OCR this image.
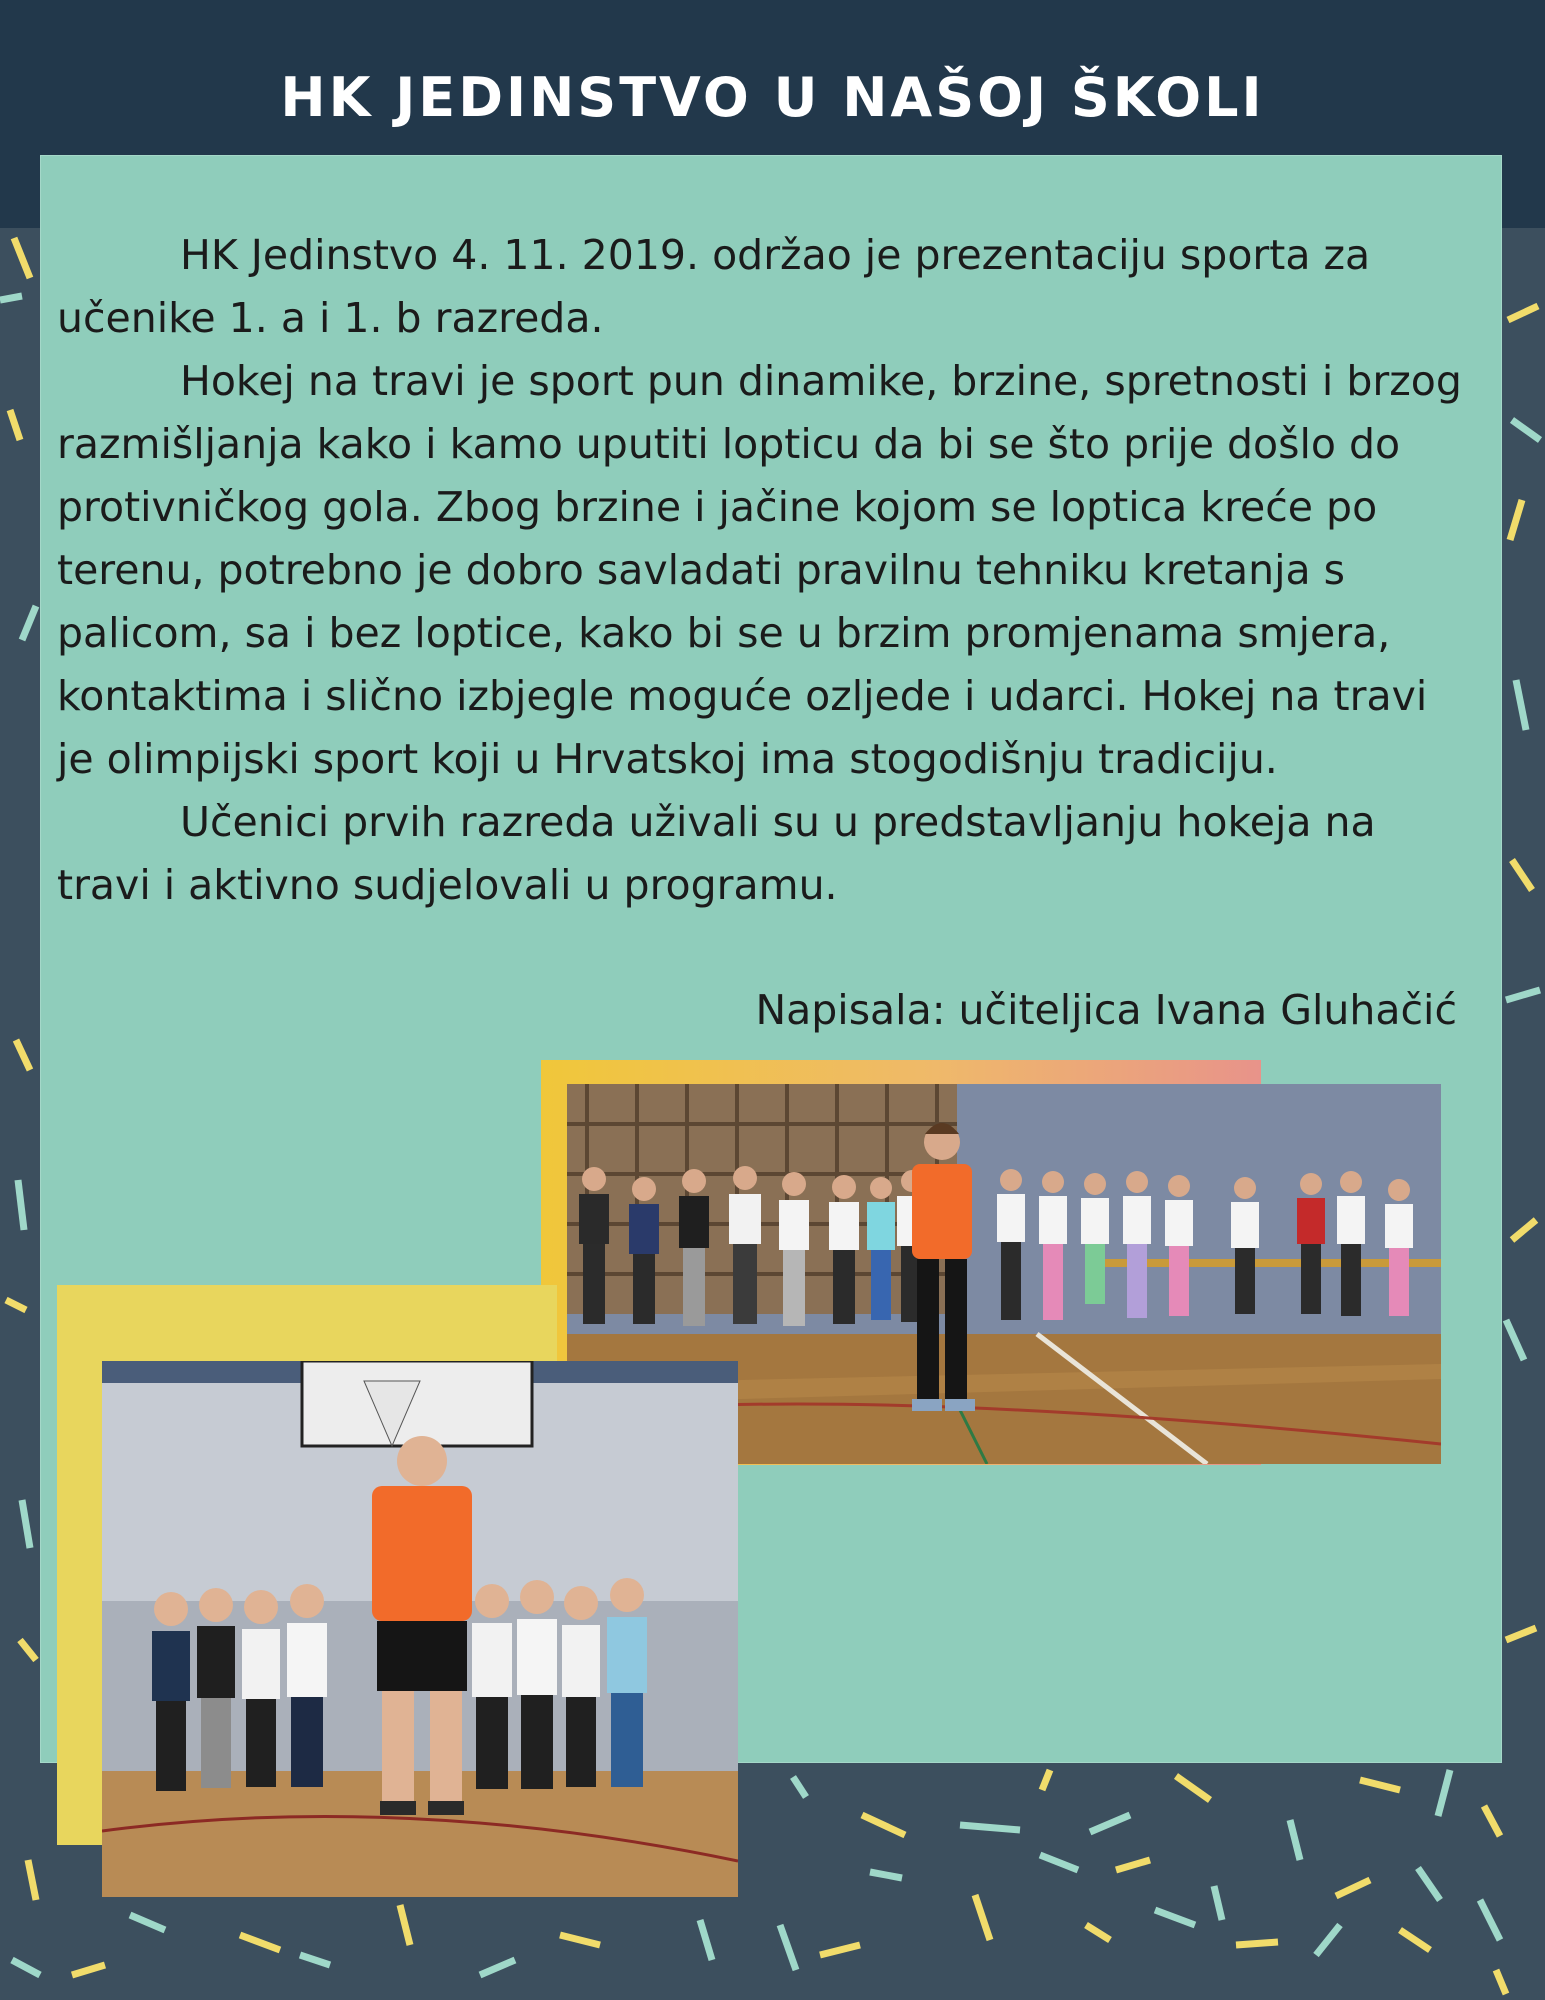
HK JEDINSTVO U NAŠOJ ŠKOLI

HK Jedinstvo 4. 11. 2019. održao je prezentaciju sporta za učenike 1. a i 1. b razreda.

Hokej na travi je sport pun dinamike, brzine, spretnosti i brzog razmišljanja kako i kamo uputiti lopticu da bi se što prije došlo do protivničkog gola. Zbog brzine i jačine kojom se loptica kreće po terenu, potrebno je dobro savladati pravilnu tehniku kretanja s palicom, sa i bez loptice, kako bi se u brzim promjenama smjera, kontaktima i slično izbjegle moguće ozljede i udarci. Hokej na travi je olimpijski sport koji u Hrvatskoj ima stogodišnju tradiciju.

Učenici prvih razreda uživali su u predstavljanju hokeja na travi i aktivno sudjelovali u programu.

Napisala: učiteljica Ivana Gluhačić
